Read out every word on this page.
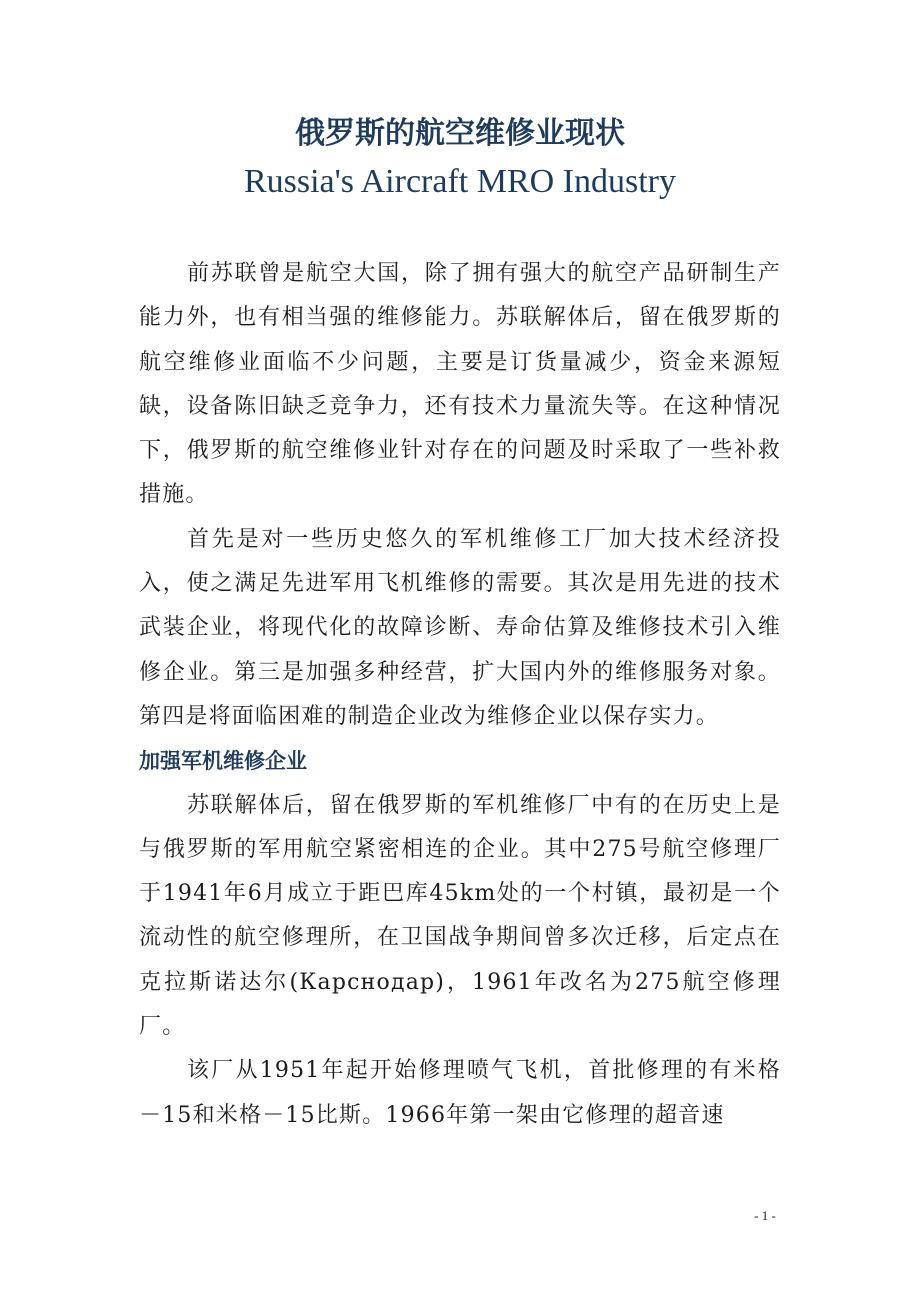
俄罗斯的航空维修业现状
Russia's Aircraft MRO Industry

前苏联曾是航空大国，除了拥有强大的航空产品研制生产能力外，也有相当强的维修能力。苏联解体后，留在俄罗斯的航空维修业面临不少问题，主要是订货量减少，资金来源短缺，设备陈旧缺乏竞争力，还有技术力量流失等。在这种情况下，俄罗斯的航空维修业针对存在的问题及时采取了一些补救措施。

首先是对一些历史悠久的军机维修工厂加大技术经济投入，使之满足先进军用飞机维修的需要。其次是用先进的技术武装企业，将现代化的故障诊断、寿命估算及维修技术引入维修企业。第三是加强多种经营，扩大国内外的维修服务对象。第四是将面临困难的制造企业改为维修企业以保存实力。

加强军机维修企业

苏联解体后，留在俄罗斯的军机维修厂中有的在历史上是与俄罗斯的军用航空紧密相连的企业。其中275号航空修理厂于1941年6月成立于距巴库45km处的一个村镇，最初是一个流动性的航空修理所，在卫国战争期间曾多次迁移，后定点在克拉斯诺达尔(Карснодар)，1961年改名为275航空修理厂。

该厂从1951年起开始修理喷气飞机，首批修理的有米格－15和米格－15比斯。1966年第一架由它修理的超音速

- 1 -
